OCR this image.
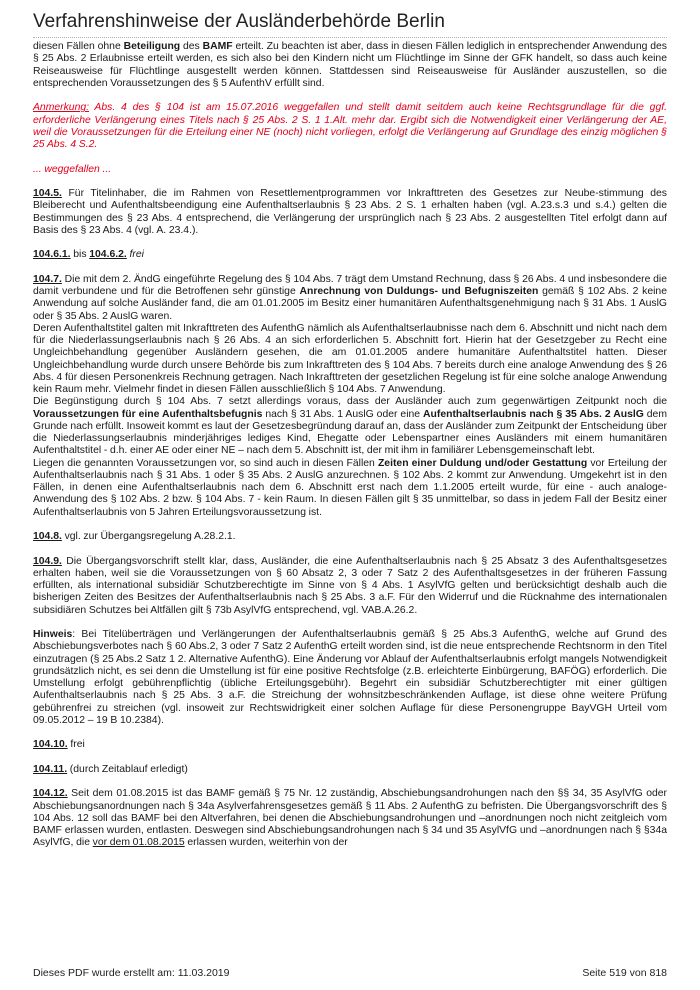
Verfahrenshinweise der Ausländerbehörde Berlin

diesen Fällen ohne Beteiligung des BAMF erteilt. Zu beachten ist aber, dass in diesen Fällen lediglich in entsprechender Anwendung des § 25 Abs. 2 Erlaubnisse erteilt werden, es sich also bei den Kindern nicht um Flüchtlinge im Sinne der GFK handelt, so dass auch keine Reiseausweise für Flüchtlinge ausgestellt werden können. Stattdessen sind Reiseausweise für Ausländer auszustellen, so die entsprechenden Voraussetzungen des § 5 AufenthV erfüllt sind.

Anmerkung: Abs. 4 des § 104 ist am 15.07.2016 weggefallen und stellt damit seitdem auch keine Rechtsgrundlage für die ggf. erforderliche Verlängerung eines Titels nach § 25 Abs. 2 S. 1 1.Alt. mehr dar. Ergibt sich die Notwendigkeit einer Verlängerung der AE, weil die Voraussetzungen für die Erteilung einer NE (noch) nicht vorliegen, erfolgt die Verlängerung auf Grundlage des einzig möglichen § 25 Abs. 4 S.2.

... weggefallen ...

104.5. Für Titelinhaber, die im Rahmen von Resettlementprogrammen vor Inkrafttreten des Gesetzes zur Neube-stimmung des Bleiberecht und Aufenthaltsbeendigung eine Aufenthaltserlaubnis § 23 Abs. 2 S. 1 erhalten haben (vgl. A.23.s.3 und s.4.) gelten die Bestimmungen des § 23 Abs. 4 entsprechend, die Verlängerung der ursprünglich nach § 23 Abs. 2 ausgestellten Titel erfolgt dann auf Basis des § 23 Abs. 4 (vgl. A. 23.4.).

104.6.1. bis 104.6.2. frei

104.7. Die mit dem 2. ÄndG eingeführte Regelung des § 104 Abs. 7 trägt dem Umstand Rechnung, dass § 26 Abs. 4 und insbesondere die damit verbundene und für die Betroffenen sehr günstige Anrechnung von Duldungs- und Befugniszeiten gemäß § 102 Abs. 2 keine Anwendung auf solche Ausländer fand, die am 01.01.2005 im Besitz einer humanitären Aufenthaltsgenehmigung nach § 31 Abs. 1 AuslG oder § 35 Abs. 2 AuslG waren.

Deren Aufenthaltstitel galten mit Inkrafttreten des AufenthG nämlich als Aufenthaltserlaubnisse nach dem 6. Abschnitt und nicht nach dem für die Niederlassungserlaubnis nach § 26 Abs. 4 an sich erforderlichen 5. Abschnitt fort. Hierin hat der Gesetzgeber zu Recht eine Ungleichbehandlung gegenüber Ausländern gesehen, die am 01.01.2005 andere humanitäre Aufenthaltstitel hatten. Dieser Ungleichbehandlung wurde durch unsere Behörde bis zum Inkrafttreten des § 104 Abs. 7 bereits durch eine analoge Anwendung des § 26 Abs. 4 für diesen Personenkreis Rechnung getragen. Nach Inkrafttreten der gesetzlichen Regelung ist für eine solche analoge Anwendung kein Raum mehr. Vielmehr findet in diesen Fällen ausschließlich § 104 Abs. 7 Anwendung.

Die Begünstigung durch § 104 Abs. 7 setzt allerdings voraus, dass der Ausländer auch zum gegenwärtigen Zeitpunkt noch die Voraussetzungen für eine Aufenthaltsbefugnis nach § 31 Abs. 1 AuslG oder eine Aufenthaltserlaubnis nach § 35 Abs. 2 AuslG dem Grunde nach erfüllt. Insoweit kommt es laut der Gesetzesbegründung darauf an, dass der Ausländer zum Zeitpunkt der Entscheidung über die Niederlassungserlaubnis minderjähriges lediges Kind, Ehegatte oder Lebenspartner eines Ausländers mit einem humanitären Aufenthaltstitel - d.h. einer AE oder einer NE – nach dem 5. Abschnitt ist, der mit ihm in familiärer Lebensgemeinschaft lebt.

Liegen die genannten Voraussetzungen vor, so sind auch in diesen Fällen Zeiten einer Duldung und/oder Gestattung vor Erteilung der Aufenthaltserlaubnis nach § 31 Abs. 1 oder § 35 Abs. 2 AuslG anzurechnen. § 102 Abs. 2 kommt zur Anwendung. Umgekehrt ist in den Fällen, in denen eine Aufenthaltserlaubnis nach dem 6. Abschnitt erst nach dem 1.1.2005 erteilt wurde, für eine - auch analoge- Anwendung des § 102 Abs. 2 bzw. § 104 Abs. 7 - kein Raum. In diesen Fällen gilt § 35 unmittelbar, so dass in jedem Fall der Besitz einer Aufenthaltserlaubnis von 5 Jahren Erteilungsvoraussetzung ist.

104.8. vgl. zur Übergangsregelung A.28.2.1.

104.9. Die Übergangsvorschrift stellt klar, dass, Ausländer, die eine Aufenthaltserlaubnis nach § 25 Absatz 3 des Aufenthaltsgesetzes erhalten haben, weil sie die Voraussetzungen von § 60 Absatz 2, 3 oder 7 Satz 2 des Aufenthaltsgesetzes in der früheren Fassung erfüllten, als international subsidiär Schutzberechtigte im Sinne von § 4 Abs. 1 AsylVfG gelten und berücksichtigt deshalb auch die bisherigen Zeiten des Besitzes der Aufenthaltserlaubnis nach § 25 Abs. 3 a.F. Für den Widerruf und die Rücknahme des internationalen subsidiären Schutzes bei Altfällen gilt § 73b AsylVfG entsprechend, vgl. VAB.A.26.2.

Hinweis: Bei Titelüberträgen und Verlängerungen der Aufenthaltserlaubnis gemäß § 25 Abs.3 AufenthG, welche auf Grund des Abschiebungsverbotes nach § 60 Abs.2, 3 oder 7 Satz 2 AufenthG erteilt worden sind, ist die neue entsprechende Rechtsnorm in den Titel einzutragen (§ 25 Abs.2 Satz 1 2. Alternative AufenthG). Eine Änderung vor Ablauf der Aufenthaltserlaubnis erfolgt mangels Notwendigkeit grundsätzlich nicht, es sei denn die Umstellung ist für eine positive Rechtsfolge (z.B. erleichterte Einbürgerung, BAFÖG) erforderlich. Die Umstellung erfolgt gebührenpflichtig (übliche Erteilungsgebühr). Begehrt ein subsidiär Schutzberechtigter mit einer gültigen Aufenthaltserlaubnis nach § 25 Abs. 3 a.F. die Streichung der wohnsitzbeschränkenden Auflage, ist diese ohne weitere Prüfung gebührenfrei zu streichen (vgl. insoweit zur Rechtswidrigkeit einer solchen Auflage für diese Personengruppe BayVGH Urteil vom 09.05.2012 – 19 B 10.2384).

104.10. frei

104.11. (durch Zeitablauf erledigt)

104.12. Seit dem 01.08.2015 ist das BAMF gemäß § 75 Nr. 12 zuständig, Abschiebungsandrohungen nach den §§ 34, 35 AsylVfG oder Abschiebungsanordnungen nach § 34a Asylverfahrensgesetzes gemäß § 11 Abs. 2 AufenthG zu befristen. Die Übergangsvorschrift des § 104 Abs. 12 soll das BAMF bei den Altverfahren, bei denen die Abschiebungsandrohungen und –anordnungen noch nicht zeitgleich vom BAMF erlassen wurden, entlasten. Deswegen sind Abschiebungsandrohungen nach § 34 und 35 AsylVfG und –anordnungen nach § §34a AsylVfG, die vor dem 01.08.2015 erlassen wurden, weiterhin von der

Dieses PDF wurde erstellt am: 11.03.2019	Seite 519 von 818
